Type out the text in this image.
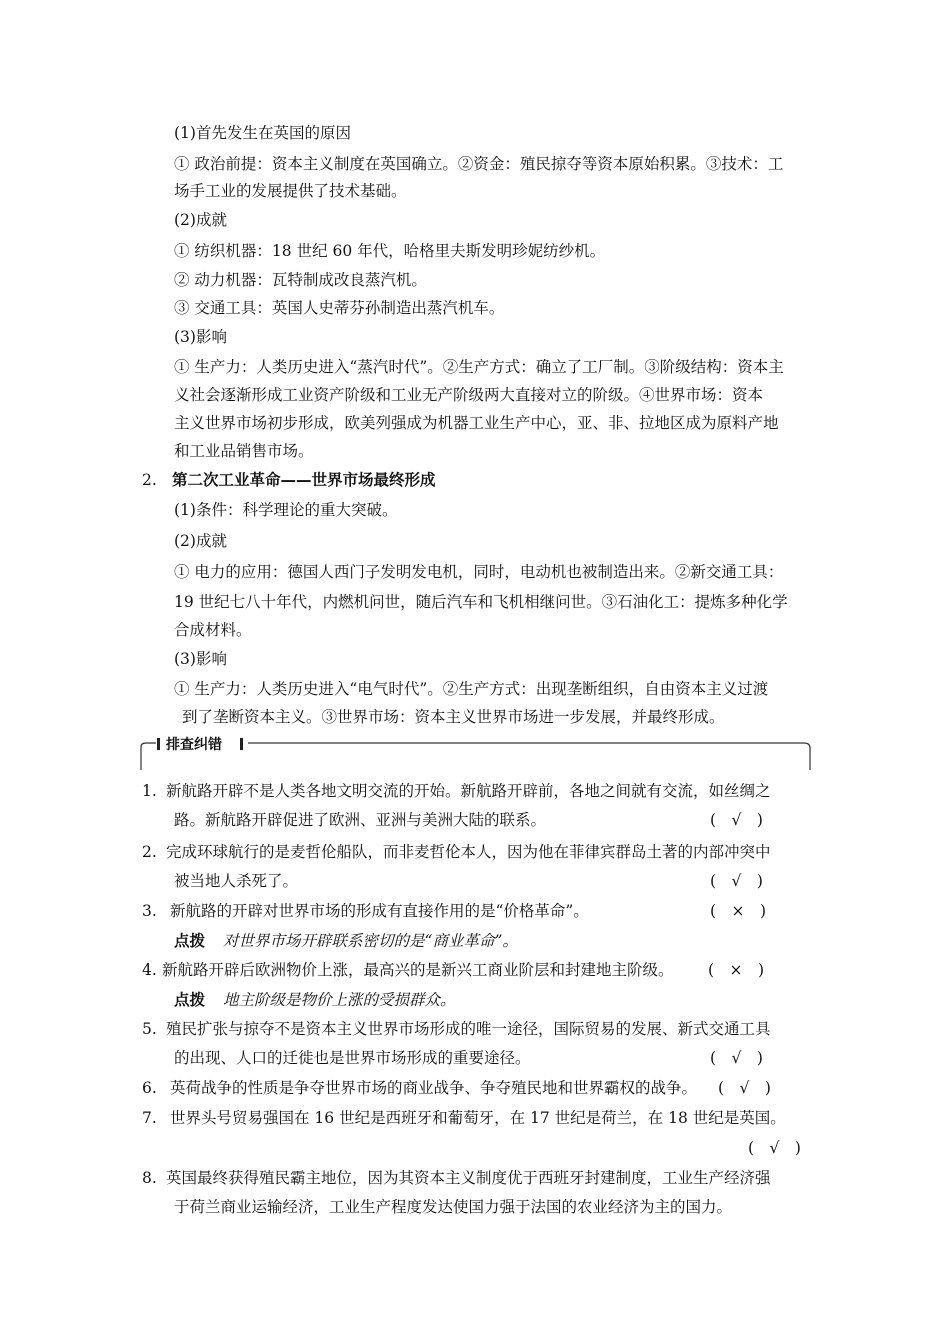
(1)首先发生在英国的原因
① 政治前提：资本主义制度在英国确立。②资金：殖民掠夺等资本原始积累。③技术：工
场手工业的发展提供了技术基础。
(2)成就
① 纺织机器：18 世纪 60 年代，哈格里夫斯发明珍妮纺纱机。
② 动力机器：瓦特制成改良蒸汽机。
③ 交通工具：英国人史蒂芬孙制造出蒸汽机车。
(3)影响
① 生产力：人类历史进入“蒸汽时代”。②生产方式：确立了工厂制。③阶级结构：资本主
义社会逐渐形成工业资产阶级和工业无产阶级两大直接对立的阶级。④世界市场：资本
主义世界市场初步形成，欧美列强成为机器工业生产中心，亚、非、拉地区成为原料产地
和工业品销售市场。
2. 第二次工业革命——世界市场最终形成
(1)条件：科学理论的重大突破。
(2)成就
① 电力的应用：德国人西门子发明发电机，同时，电动机也被制造出来。②新交通工具：
19 世纪七八十年代，内燃机问世，随后汽车和飞机相继问世。③石油化工：提炼多种化学
合成材料。
(3)影响
① 生产力：人类历史进入“电气时代”。②生产方式：出现垄断组织，自由资本主义过渡
到了垄断资本主义。③世界市场：资本主义世界市场进一步发展，并最终形成。
排查纠错
1. 新航路开辟不是人类各地文明交流的开始。新航路开辟前，各地之间就有交流，如丝绸之
路。新航路开辟促进了欧洲、亚洲与美洲大陆的联系。	(　√　)
2. 完成环球航行的是麦哲伦船队，而非麦哲伦本人，因为他在菲律宾群岛土著的内部冲突中
被当地人杀死了。	(　√　)
3. 新航路的开辟对世界市场的形成有直接作用的是“价格革命”。	(　×　)
点拨 对世界市场开辟联系密切的是“商业革命”。
4. 新航路开辟后欧洲物价上涨，最高兴的是新兴工商业阶层和封建地主阶级。 (　×　)
点拨 地主阶级是物价上涨的受损群众。
5. 殖民扩张与掠夺不是资本主义世界市场形成的唯一途径，国际贸易的发展、新式交通工具
的出现、人口的迁徙也是世界市场形成的重要途径。	(　√　)
6. 英荷战争的性质是争夺世界市场的商业战争、争夺殖民地和世界霸权的战争。 (　√　)
7. 世界头号贸易强国在 16 世纪是西班牙和葡萄牙，在 17 世纪是荷兰，在 18 世纪是英国。
(　√　)
8. 英国最终获得殖民霸主地位，因为其资本主义制度优于西班牙封建制度，工业生产经济强
于荷兰商业运输经济，工业生产程度发达使国力强于法国的农业经济为主的国力。
